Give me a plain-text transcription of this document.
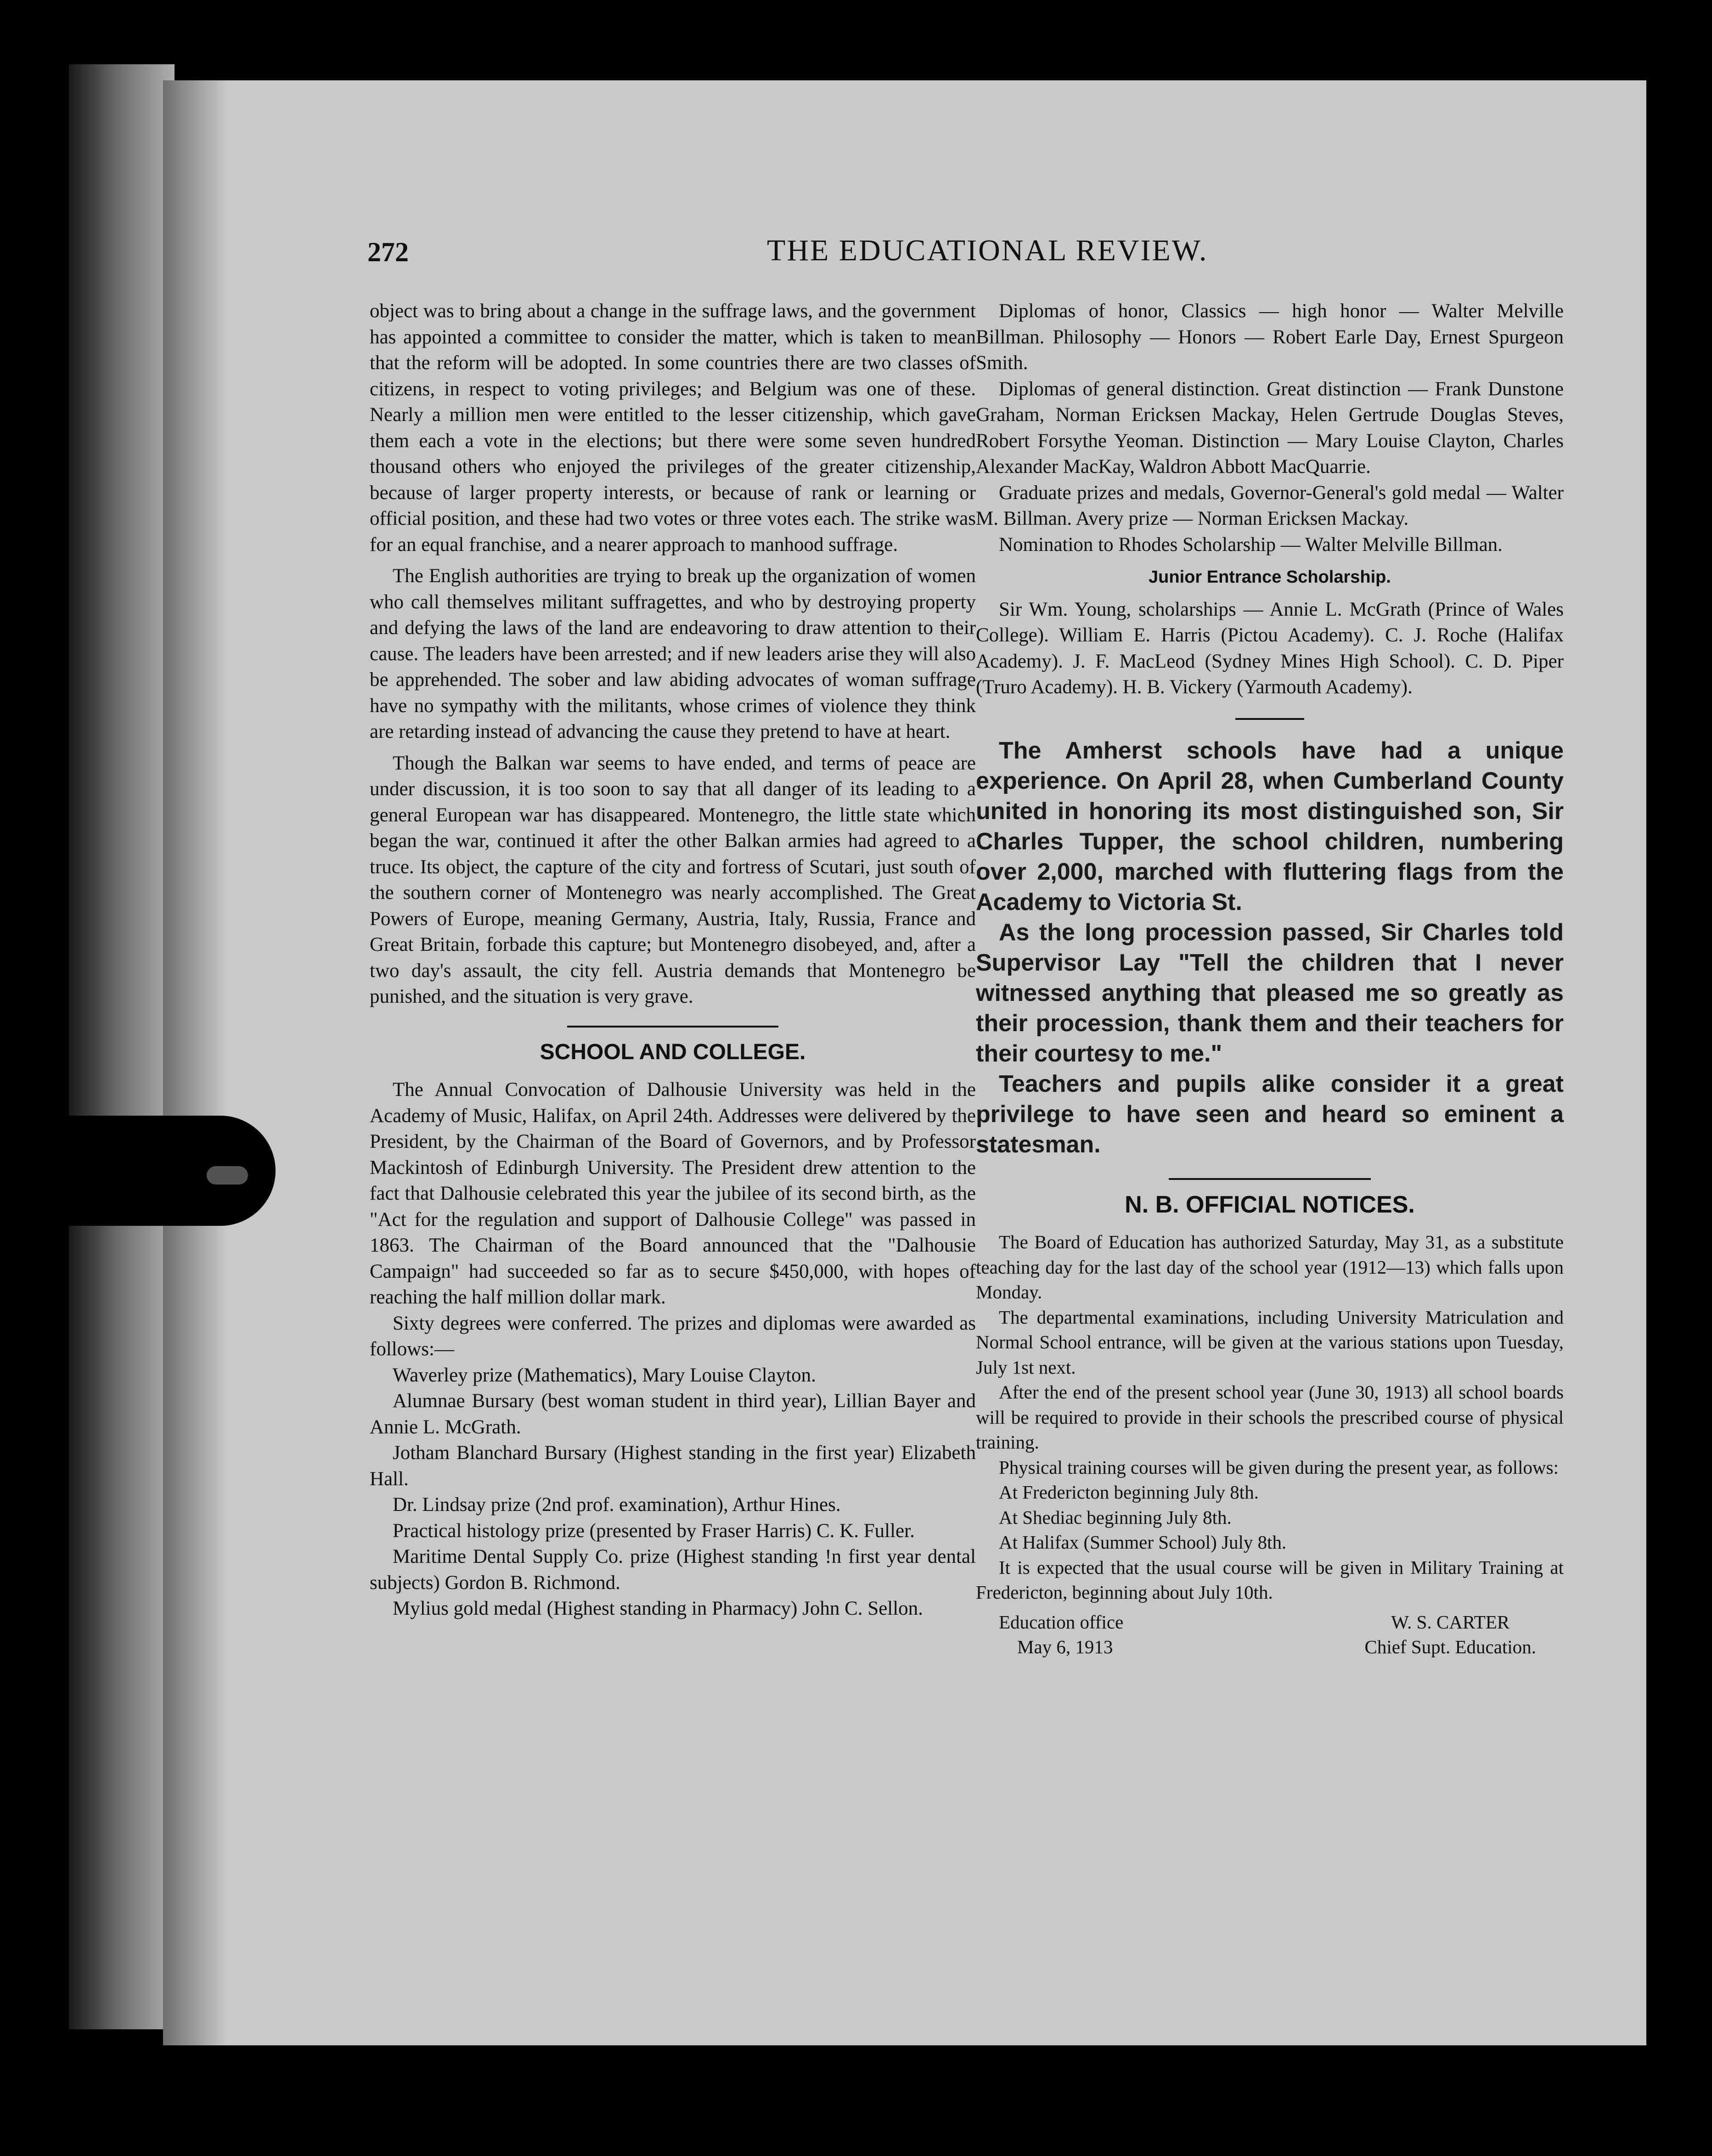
272	THE EDUCATIONAL REVIEW.

object was to bring about a change in the suffrage laws, and the government has appointed a committee to consider the matter, which is taken to mean that the reform will be adopted. In some countries there are two classes of citizens, in respect to voting privileges; and Belgium was one of these. Nearly a million men were entitled to the lesser citizenship, which gave them each a vote in the elections; but there were some seven hundred thousand others who enjoyed the privileges of the greater citizenship, because of larger property interests, or because of rank or learning or official position, and these had two votes or three votes each. The strike was for an equal franchise, and a nearer approach to manhood suffrage.

The English authorities are trying to break up the organization of women who call themselves militant suffragettes, and who by destroying property and defying the laws of the land are endeavoring to draw attention to their cause. The leaders have been arrested; and if new leaders arise they will also be apprehended. The sober and law abiding advocates of woman suffrage have no sympathy with the militants, whose crimes of violence they think are retarding instead of advancing the cause they pretend to have at heart.

Though the Balkan war seems to have ended, and terms of peace are under discussion, it is too soon to say that all danger of its leading to a general European war has disappeared. Montenegro, the little state which began the war, continued it after the other Balkan armies had agreed to a truce. Its object, the capture of the city and fortress of Scutari, just south of the southern corner of Montenegro was nearly accomplished. The Great Powers of Europe, meaning Germany, Austria, Italy, Russia, France and Great Britain, forbade this capture; but Montenegro disobeyed, and, after a two day's assault, the city fell. Austria demands that Montenegro be punished, and the situation is very grave.

SCHOOL AND COLLEGE.

The Annual Convocation of Dalhousie University was held in the Academy of Music, Halifax, on April 24th. Addresses were delivered by the President, by the Chairman of the Board of Governors, and by Professor Mackintosh of Edinburgh University. The President drew attention to the fact that Dalhousie celebrated this year the jubilee of its second birth, as the "Act for the regulation and support of Dalhousie College" was passed in 1863. The Chairman of the Board announced that the "Dalhousie Campaign" had succeeded so far as to secure $450,000, with hopes of reaching the half million dollar mark.

Sixty degrees were conferred. The prizes and diplomas were awarded as follows:—

Waverley prize (Mathematics), Mary Louise Clayton.

Alumnae Bursary (best woman student in third year), Lillian Bayer and Annie L. McGrath.

Jotham Blanchard Bursary (Highest standing in the first year) Elizabeth Hall.

Dr. Lindsay prize (2nd prof. examination), Arthur Hines.

Practical histology prize (presented by Fraser Harris) C. K. Fuller.

Maritime Dental Supply Co. prize (Highest standing !n first year dental subjects) Gordon B. Richmond.

Mylius gold medal (Highest standing in Pharmacy) John C. Sellon.

Diplomas of honor, Classics — high honor — Walter Melville Billman. Philosophy — Honors — Robert Earle Day, Ernest Spurgeon Smith.

Diplomas of general distinction. Great distinction — Frank Dunstone Graham, Norman Ericksen Mackay, Helen Gertrude Douglas Steves, Robert Forsythe Yeoman. Distinction — Mary Louise Clayton, Charles Alexander MacKay, Waldron Abbott MacQuarrie.

Graduate prizes and medals, Governor-General's gold medal — Walter M. Billman. Avery prize — Norman Ericksen Mackay.

Nomination to Rhodes Scholarship — Walter Melville Billman.

Junior Entrance Scholarship.

Sir Wm. Young, scholarships — Annie L. McGrath (Prince of Wales College). William E. Harris (Pictou Academy). C. J. Roche (Halifax Academy). J. F. MacLeod (Sydney Mines High School). C. D. Piper (Truro Academy). H. B. Vickery (Yarmouth Academy).

The Amherst schools have had a unique experience. On April 28, when Cumberland County united in honoring its most distinguished son, Sir Charles Tupper, the school children, numbering over 2,000, marched with fluttering flags from the Academy to Victoria St.

As the long procession passed, Sir Charles told Supervisor Lay "Tell the children that I never witnessed anything that pleased me so greatly as their procession, thank them and their teachers for their courtesy to me."

Teachers and pupils alike consider it a great privilege to have seen and heard so eminent a statesman.

N. B. OFFICIAL NOTICES.

The Board of Education has authorized Saturday, May 31, as a substitute teaching day for the last day of the school year (1912—13) which falls upon Monday.

The departmental examinations, including University Matriculation and Normal School entrance, will be given at the various stations upon Tuesday, July 1st next.

After the end of the present school year (June 30, 1913) all school boards will be required to provide in their schools the prescribed course of physical training.

Physical training courses will be given during the present year, as follows:

At Fredericton beginning July 8th.

At Shediac beginning July 8th.

At Halifax (Summer School) July 8th.

It is expected that the usual course will be given in Military Training at Fredericton, beginning about July 10th.

Education office
May 6, 1913
W. S. CARTER
Chief Supt. Education.
